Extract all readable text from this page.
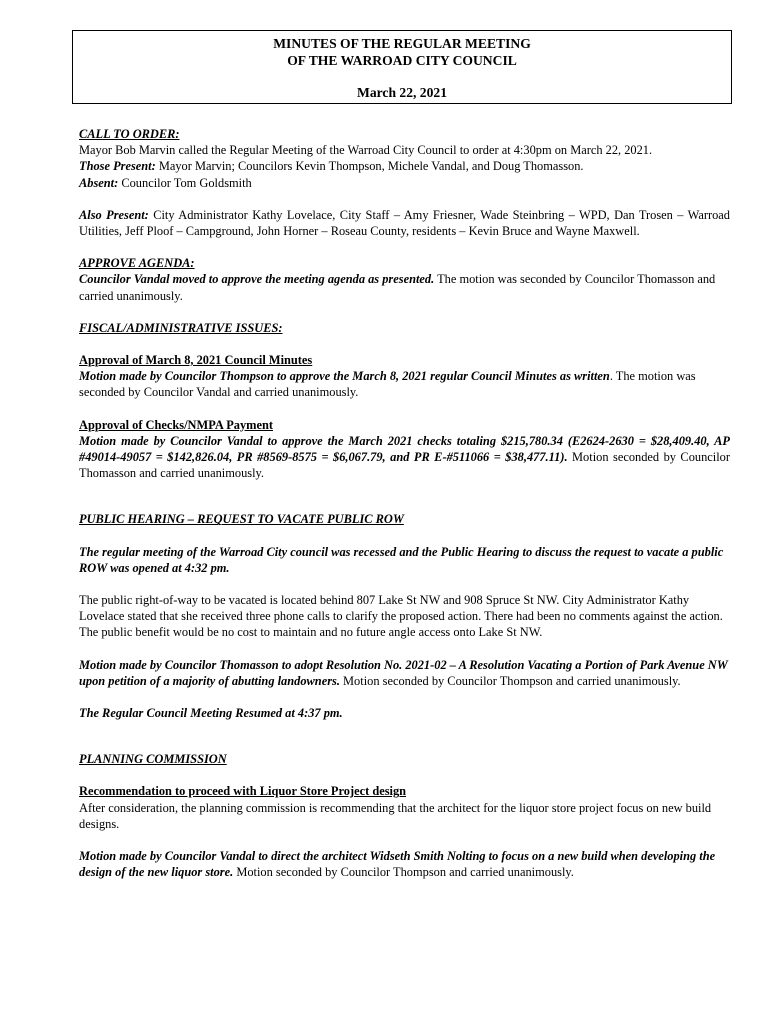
MINUTES OF THE REGULAR MEETING
OF THE WARROAD CITY COUNCIL
March 22, 2021

CALL TO ORDER:

Mayor Bob Marvin called the Regular Meeting of the Warroad City Council to order at 4:30pm on March 22, 2021.

Those Present: Mayor Marvin; Councilors Kevin Thompson, Michele Vandal, and Doug Thomasson.

Absent: Councilor Tom Goldsmith

Also Present: City Administrator Kathy Lovelace, City Staff – Amy Friesner, Wade Steinbring – WPD, Dan Trosen – Warroad Utilities, Jeff Ploof – Campground, John Horner – Roseau County, residents – Kevin Bruce and Wayne Maxwell.

APPROVE AGENDA:

Councilor Vandal moved to approve the meeting agenda as presented. The motion was seconded by Councilor Thomasson and carried unanimously.

FISCAL/ADMINISTRATIVE ISSUES:

Approval of March 8, 2021 Council Minutes

Motion made by Councilor Thompson to approve the March 8, 2021 regular Council Minutes as written. The motion was seconded by Councilor Vandal and carried unanimously.

Approval of Checks/NMPA Payment

Motion made by Councilor Vandal to approve the March 2021 checks totaling $215,780.34 (E2624-2630 = $28,409.40, AP #49014-49057 = $142,826.04, PR #8569-8575 = $6,067.79, and PR E-#511066 = $38,477.11). Motion seconded by Councilor Thomasson and carried unanimously.

PUBLIC HEARING – REQUEST TO VACATE PUBLIC ROW

The regular meeting of the Warroad City council was recessed and the Public Hearing to discuss the request to vacate a public ROW was opened at 4:32 pm.

The public right-of-way to be vacated is located behind 807 Lake St NW and 908 Spruce St NW. City Administrator Kathy Lovelace stated that she received three phone calls to clarify the proposed action. There had been no comments against the action.

The public benefit would be no cost to maintain and no future angle access onto Lake St NW.

Motion made by Councilor Thomasson to adopt Resolution No. 2021-02 – A Resolution Vacating a Portion of Park Avenue NW upon petition of a majority of abutting landowners. Motion seconded by Councilor Thompson and carried unanimously.

The Regular Council Meeting Resumed at 4:37 pm.

PLANNING COMMISSION

Recommendation to proceed with Liquor Store Project design

After consideration, the planning commission is recommending that the architect for the liquor store project focus on new build designs.

Motion made by Councilor Vandal to direct the architect Widseth Smith Nolting to focus on a new build when developing the design of the new liquor store. Motion seconded by Councilor Thompson and carried unanimously.
